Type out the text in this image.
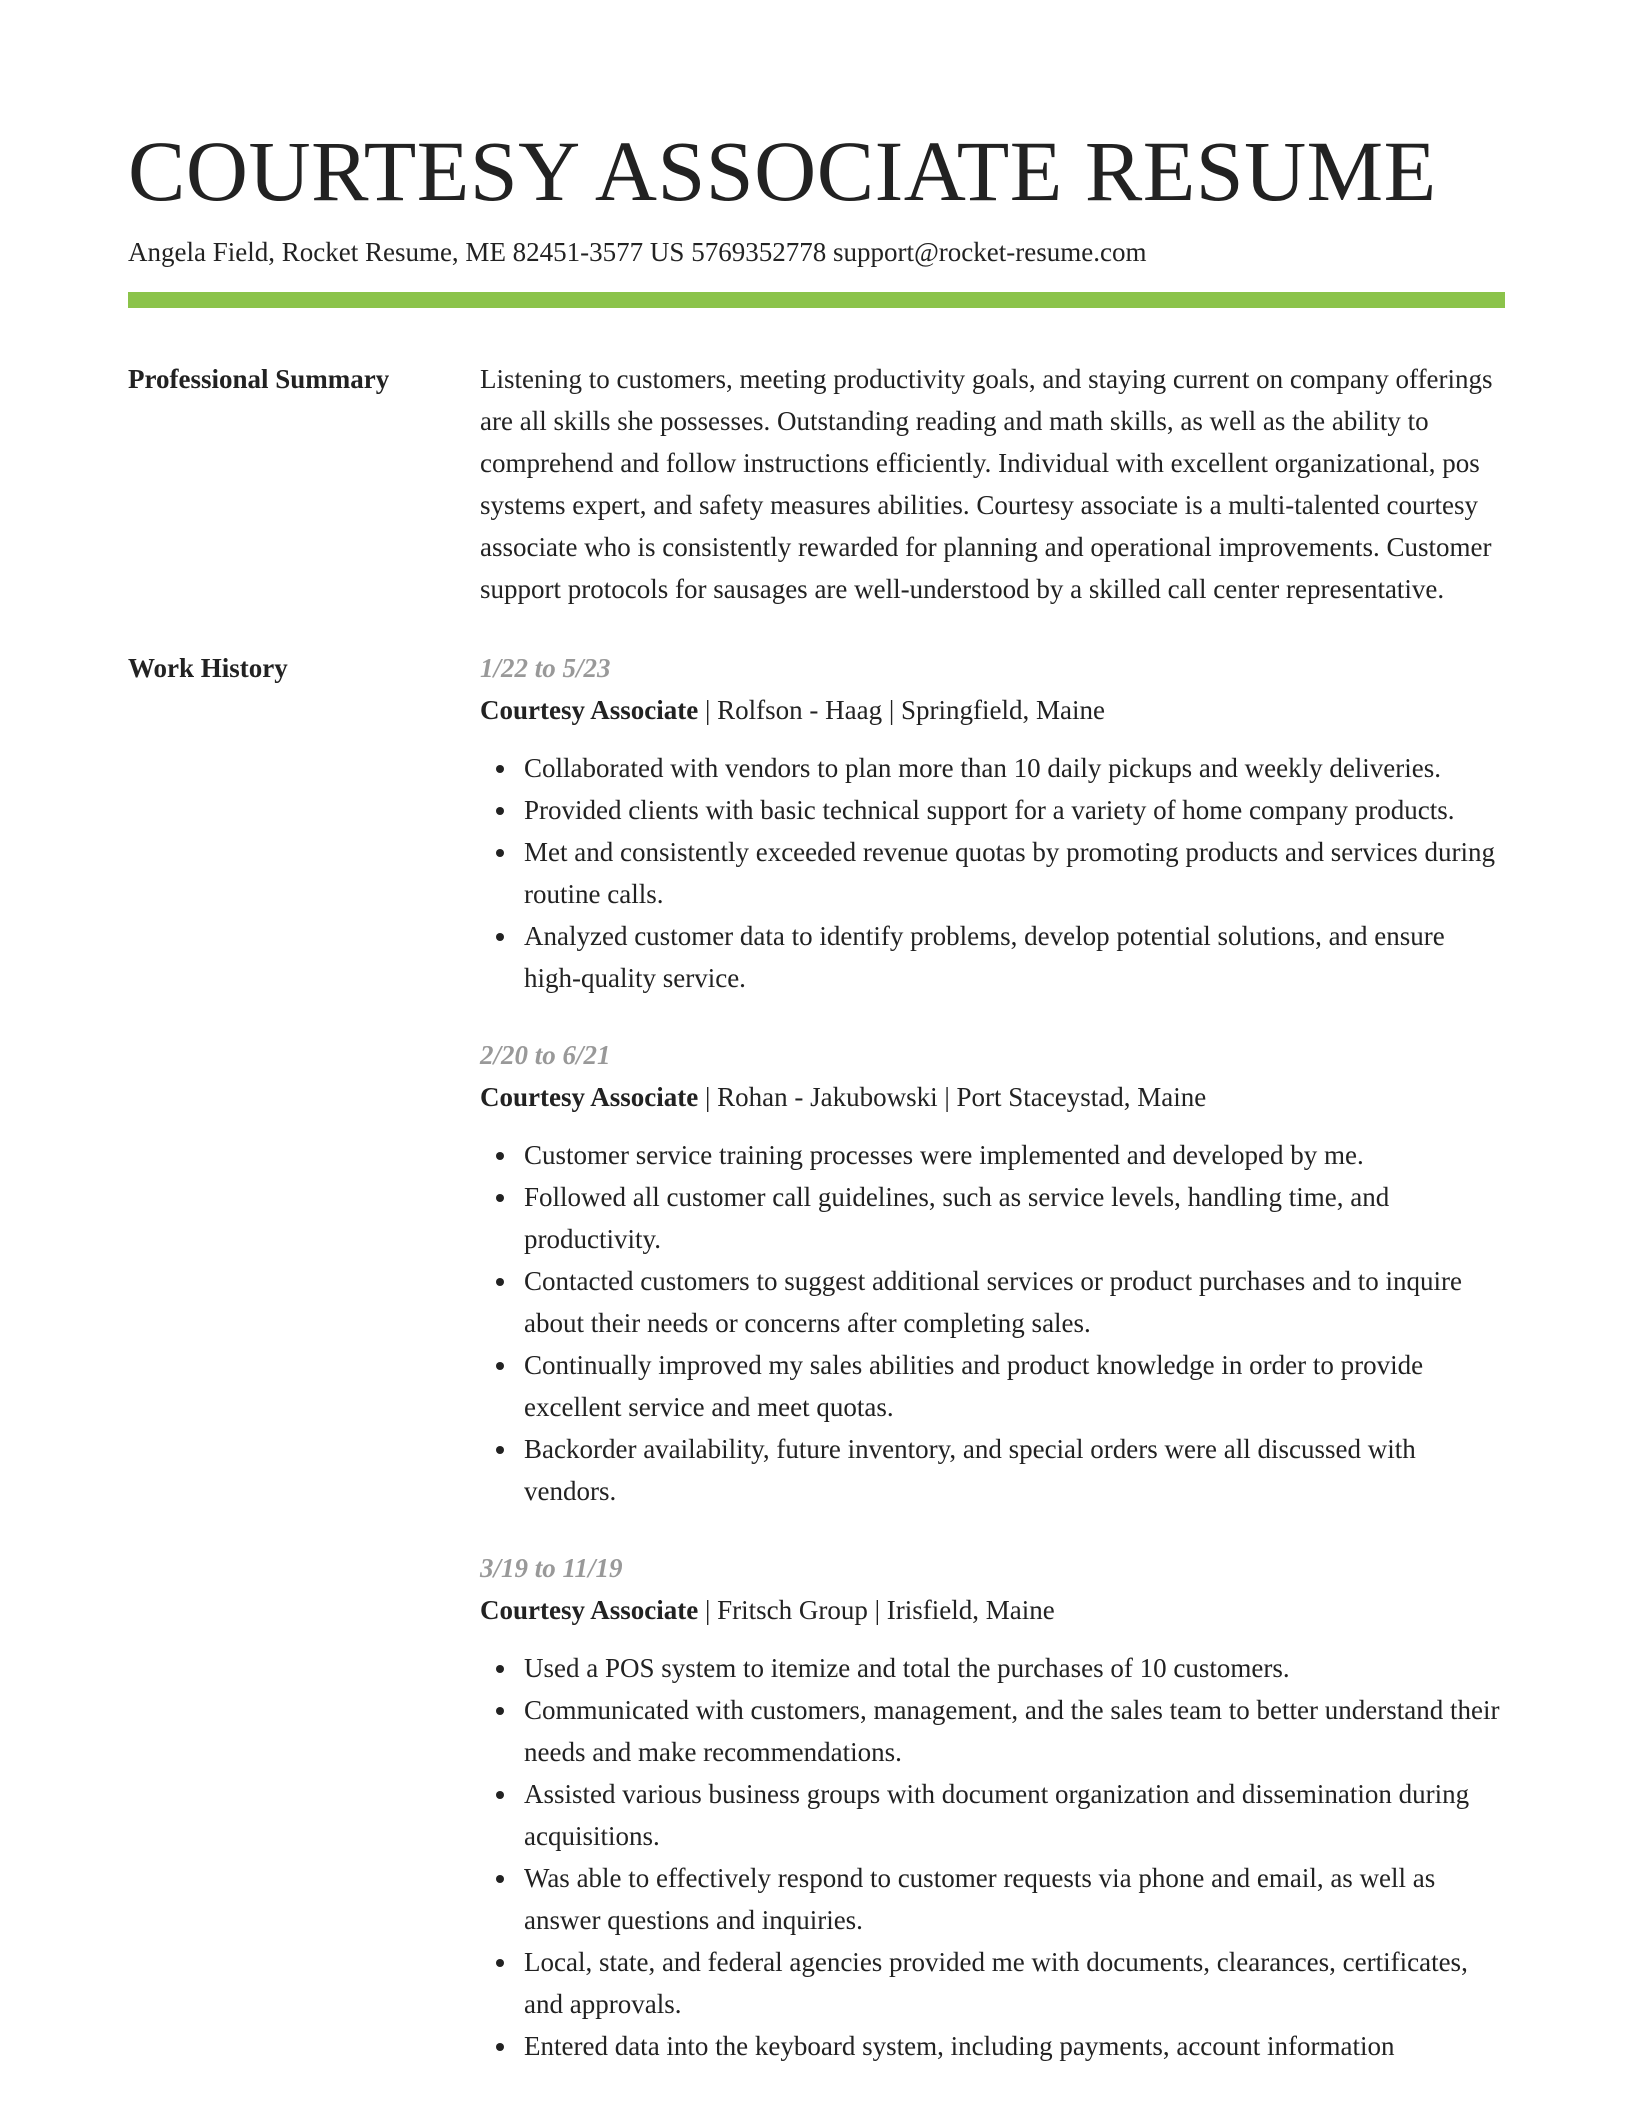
COURTESY ASSOCIATE RESUME
Angela Field, Rocket Resume, ME 82451-3577 US 5769352778 support@rocket-resume.com
Professional Summary	Listening to customers, meeting productivity goals, and staying current on company offerings are all skills she possesses. Outstanding reading and math skills, as well as the ability to comprehend and follow instructions efficiently. Individual with excellent organizational, pos systems expert, and safety measures abilities. Courtesy associate is a multi-talented courtesy associate who is consistently rewarded for planning and operational improvements. Customer support protocols for sausages are well-understood by a skilled call center representative.
Work History	1/22 to 5/23
Courtesy Associate | Rolfson - Haag | Springfield, Maine
Collaborated with vendors to plan more than 10 daily pickups and weekly deliveries.
Provided clients with basic technical support for a variety of home company products.
Met and consistently exceeded revenue quotas by promoting products and services during routine calls.
Analyzed customer data to identify problems, develop potential solutions, and ensure high-quality service.
2/20 to 6/21
Courtesy Associate | Rohan - Jakubowski | Port Staceystad, Maine
Customer service training processes were implemented and developed by me.
Followed all customer call guidelines, such as service levels, handling time, and productivity.
Contacted customers to suggest additional services or product purchases and to inquire about their needs or concerns after completing sales.
Continually improved my sales abilities and product knowledge in order to provide excellent service and meet quotas.
Backorder availability, future inventory, and special orders were all discussed with vendors.
3/19 to 11/19
Courtesy Associate | Fritsch Group | Irisfield, Maine
Used a POS system to itemize and total the purchases of 10 customers.
Communicated with customers, management, and the sales team to better understand their needs and make recommendations.
Assisted various business groups with document organization and dissemination during acquisitions.
Was able to effectively respond to customer requests via phone and email, as well as answer questions and inquiries.
Local, state, and federal agencies provided me with documents, clearances, certificates, and approvals.
Entered data into the keyboard system, including payments, account information
